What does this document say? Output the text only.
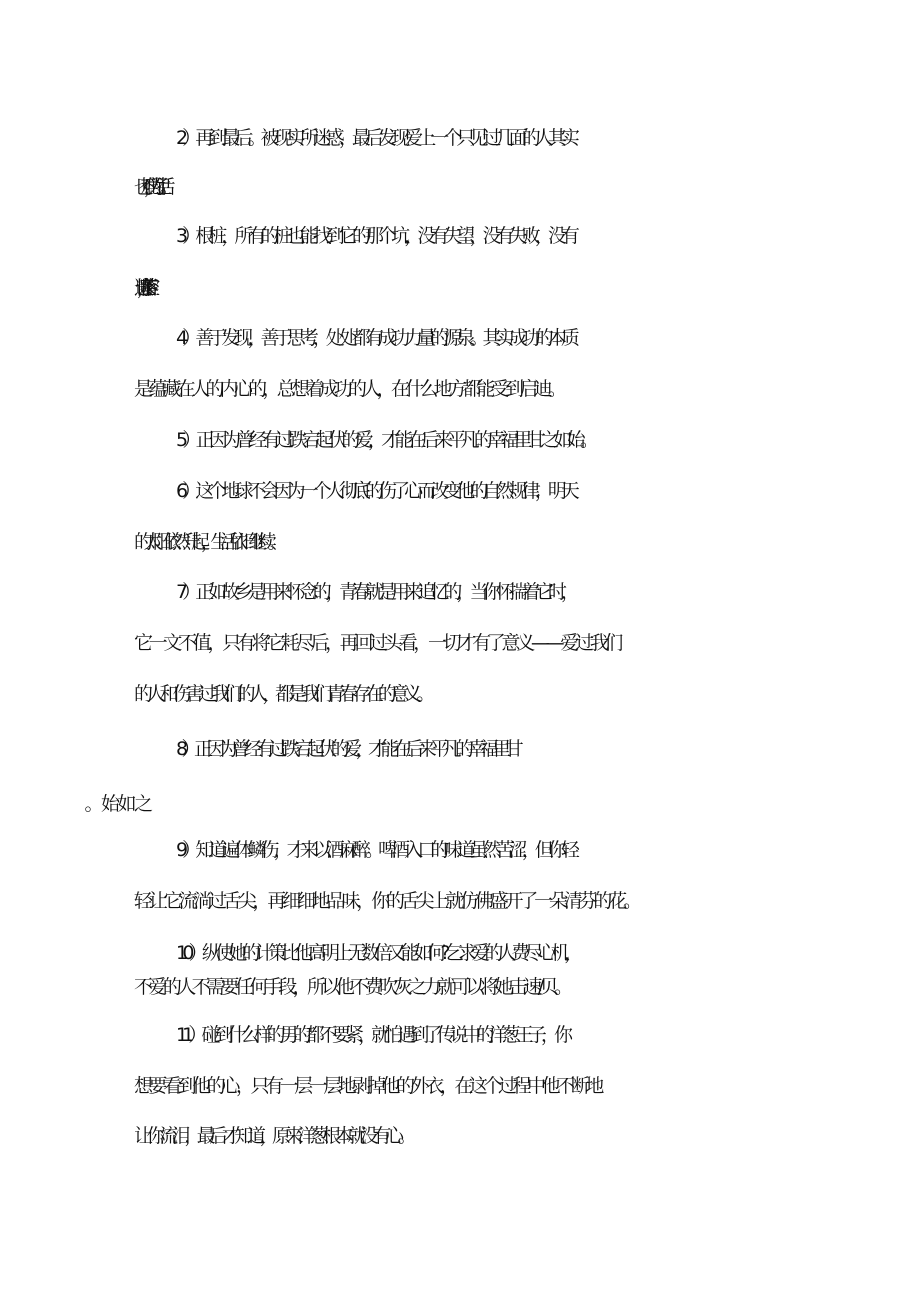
2）再到最后。被现实所迷惑，最后发现爱上一个只见过几面的人其实
也不难，为了生活。
3）根桩，所有的桩也能找到它的那个坑，没有失望，没有失败，没有
遗恨，永不落空。
4）善于发现，善于思考，处处都有成功力量的源泉。其实成功的本质
是蕴藏在人的内心的，总想着成功的人，在什么地方都能受到启迪。
5）正因为曾经有过跌宕起伏的爱，才能在后来平凡的幸福里甘之如始。
6）这个地球不会因为一个人彻底的伤了心而改变他的自然规律，明天
的太阳依然升起，生活依旧继续。
7）正如故乡是用来怀念的，青春就是用来追忆的，当你怀揣着它时，
它一文不值，只有将它耗尽后，再回过头看，一切才有了意义——爱过我们
的人和伤害过我们的人，都是我们青春存在的意义。
8）正因为曾经有过跌宕起伏的爱，才能在后来平凡的幸福里甘
9）知道遍体鳞伤，才来以酒麻醉。啤酒入口的味道虽然苦涩，但你轻
轻让它流淌过舌尖，再细细地品味，你的舌尖上就仿佛盛开了一朵清芬的花。
10）纵使她的计策比他高明上无数倍又能如何?乞求爱的人费尽心机，
不爱的人不需要任何手段，所以他不费吹灰之力就可以将她击速/贝。
11）碰到什么样的男的都不要紧，就怕遇到了传说中的洋葱王子，你
想要看到他的心，只有一层一层地剥掉他的外衣，在这个过程中他不断地
让你流泪，最后才知道，原来洋葱根本就没有心。
